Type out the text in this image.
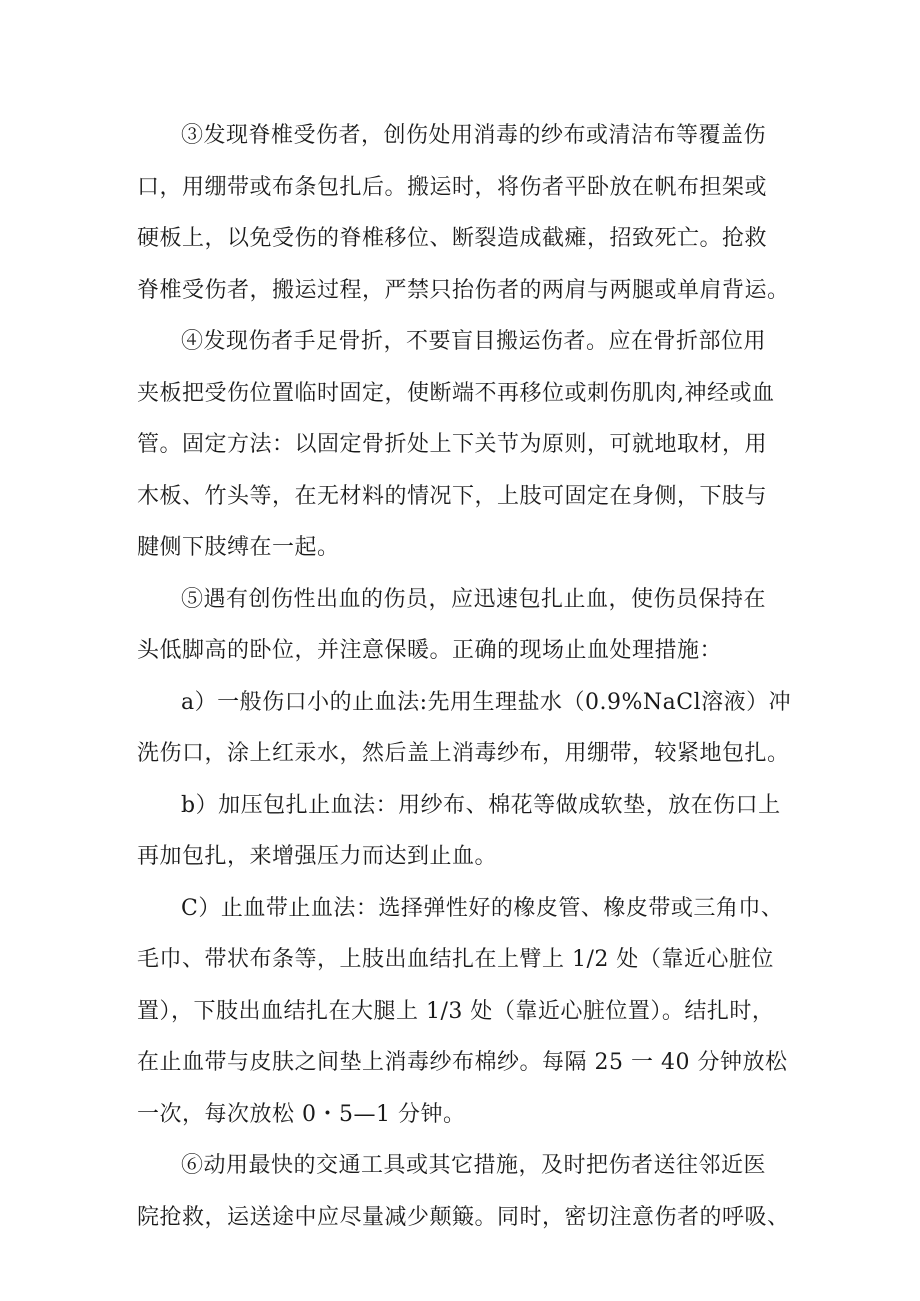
③发现脊椎受伤者，创伤处用消毒的纱布或清洁布等覆盖伤
口，用绷带或布条包扎后。搬运时，将伤者平卧放在帆布担架或
硬板上，以免受伤的脊椎移位、断裂造成截瘫，招致死亡。抢救
脊椎受伤者，搬运过程，严禁只抬伤者的两肩与两腿或单肩背运。
④发现伤者手足骨折，不要盲目搬运伤者。应在骨折部位用
夹板把受伤位置临时固定，使断端不再移位或刺伤肌肉,神经或血
管。固定方法：以固定骨折处上下关节为原则，可就地取材，用
木板、竹头等，在无材料的情况下，上肢可固定在身侧，下肢与
腱侧下肢缚在一起。
⑤遇有创伤性出血的伤员，应迅速包扎止血，使伤员保持在
头低脚高的卧位，并注意保暖。正确的现场止血处理措施：
a）一般伤口小的止血法:先用生理盐水（0.9%NaCl溶液）冲
洗伤口，涂上红汞水，然后盖上消毒纱布，用绷带，较紧地包扎。
b）加压包扎止血法：用纱布、棉花等做成软垫，放在伤口上
再加包扎，来增强压力而达到止血。
C）止血带止血法：选择弹性好的橡皮管、橡皮带或三角巾、
毛巾、带状布条等，上肢出血结扎在上臂上 1/2 处（靠近心脏位
置），下肢出血结扎在大腿上 1/3 处（靠近心脏位置）。结扎时，
在止血带与皮肤之间垫上消毒纱布棉纱。每隔 25 一 40 分钟放松
一次，每次放松 0・5—1 分钟。
⑥动用最快的交通工具或其它措施，及时把伤者送往邻近医
院抢救，运送途中应尽量减少颠簸。同时，密切注意伤者的呼吸、
